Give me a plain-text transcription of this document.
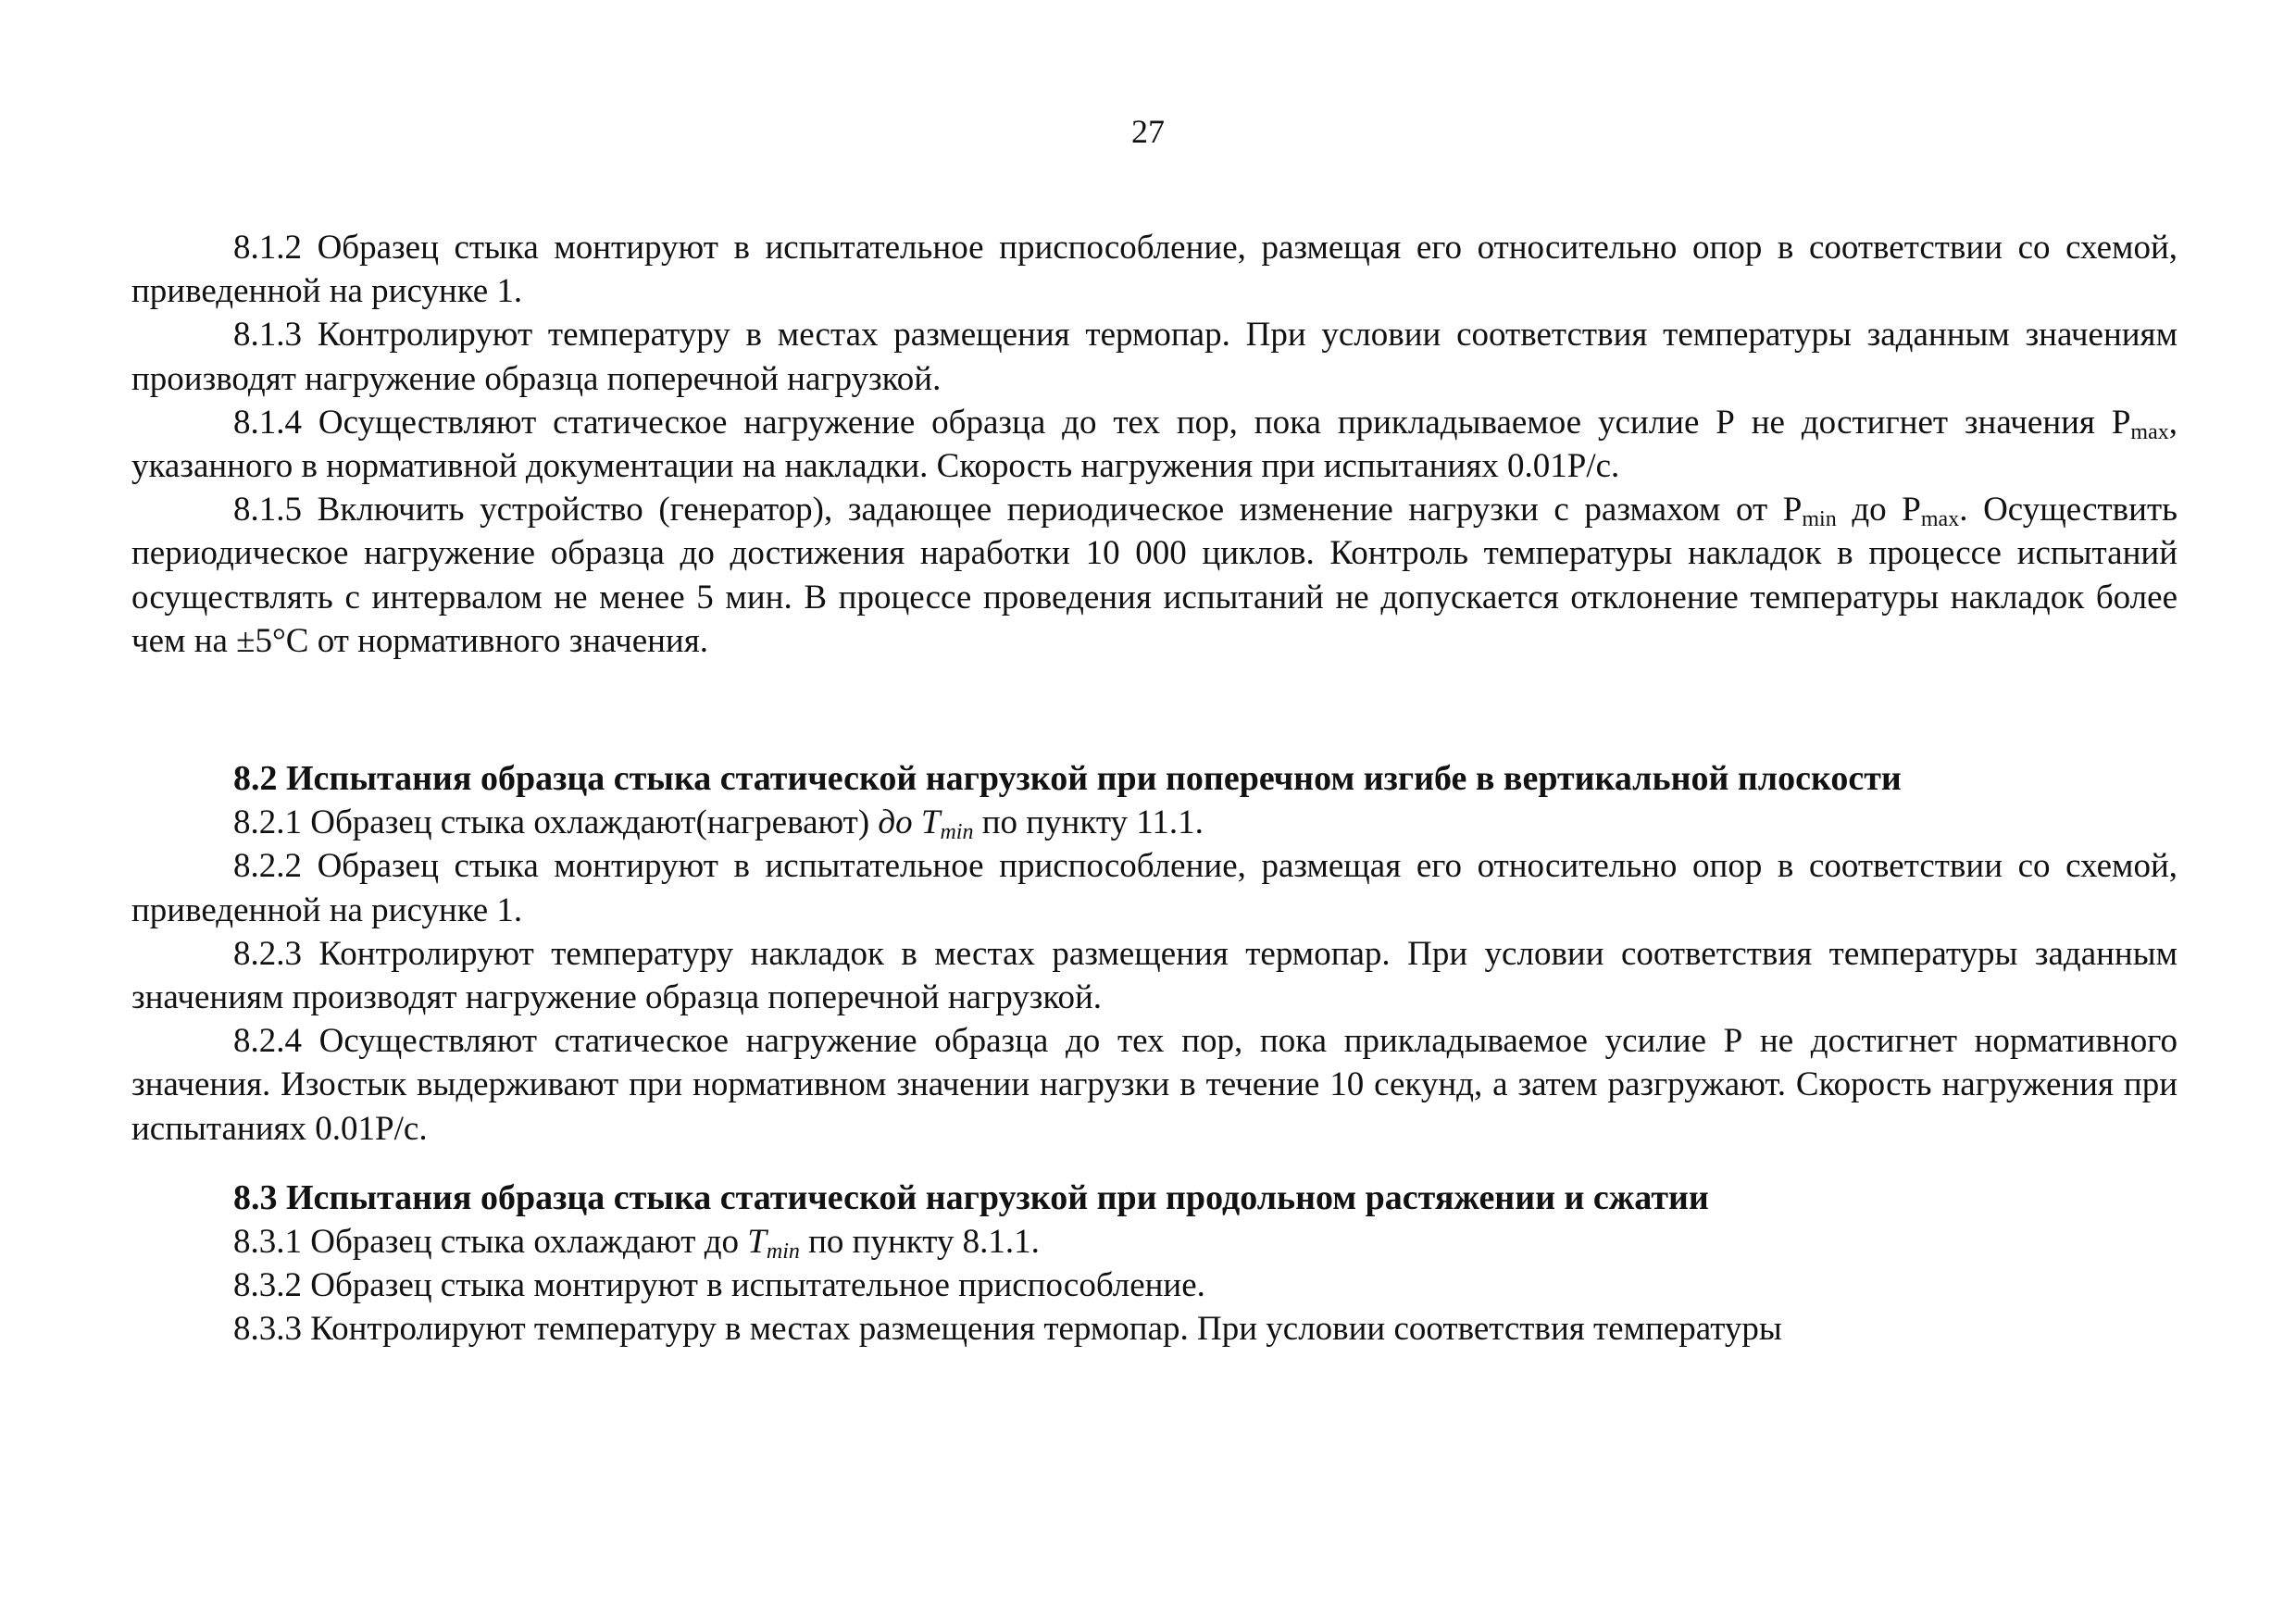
27

8.1.2 Образец стыка монтируют в испытательное приспособление, размещая его относительно опор в соответствии со схемой, приведенной на рисунке 1.

8.1.3 Контролируют температуру в местах размещения термопар. При условии соответствия температуры заданным значениям производят нагружение образца поперечной нагрузкой.

8.1.4 Осуществляют статическое нагружение образца до тех пор, пока прикладываемое усилие Р не достигнет значения $Р_{max}$, указанного в нормативной документации на накладки. Скорость нагружения при испытаниях 0.01Р/с.

8.1.5 Включить устройство (генератор), задающее периодическое изменение нагрузки с размахом от $Р_{min}$ до $Р_{max}$. Осуществить периодическое нагружение образца до достижения наработки 10 000 циклов. Контроль температуры накладок в процессе испытаний осуществлять с интервалом не менее 5 мин. В процессе проведения испытаний не допускается отклонение температуры накладок более чем на ±5°С от нормативного значения.

8.2 Испытания образца стыка статической нагрузкой при поперечном изгибе в вертикальной плоскости

8.2.1 Образец стыка охлаждают(нагревают) до $T_{min}$ по пункту 11.1.

8.2.2 Образец стыка монтируют в испытательное приспособление, размещая его относительно опор в соответствии со схемой, приведенной на рисунке 1.

8.2.3 Контролируют температуру накладок в местах размещения термопар. При условии соответствия температуры заданным значениям производят нагружение образца поперечной нагрузкой.

8.2.4 Осуществляют статическое нагружение образца до тех пор, пока прикладываемое усилие Р не достигнет нормативного значения. Изостык выдерживают при нормативном значении нагрузки в течение 10 секунд, а затем разгружают. Скорость нагружения при испытаниях 0.01Р/с.

8.3 Испытания образца стыка статической нагрузкой при продольном растяжении и сжатии

8.3.1 Образец стыка охлаждают до $T_{min}$ по пункту 8.1.1.

8.3.2 Образец стыка монтируют в испытательное приспособление.

8.3.3 Контролируют температуру в местах размещения термопар. При условии соответствия температуры
